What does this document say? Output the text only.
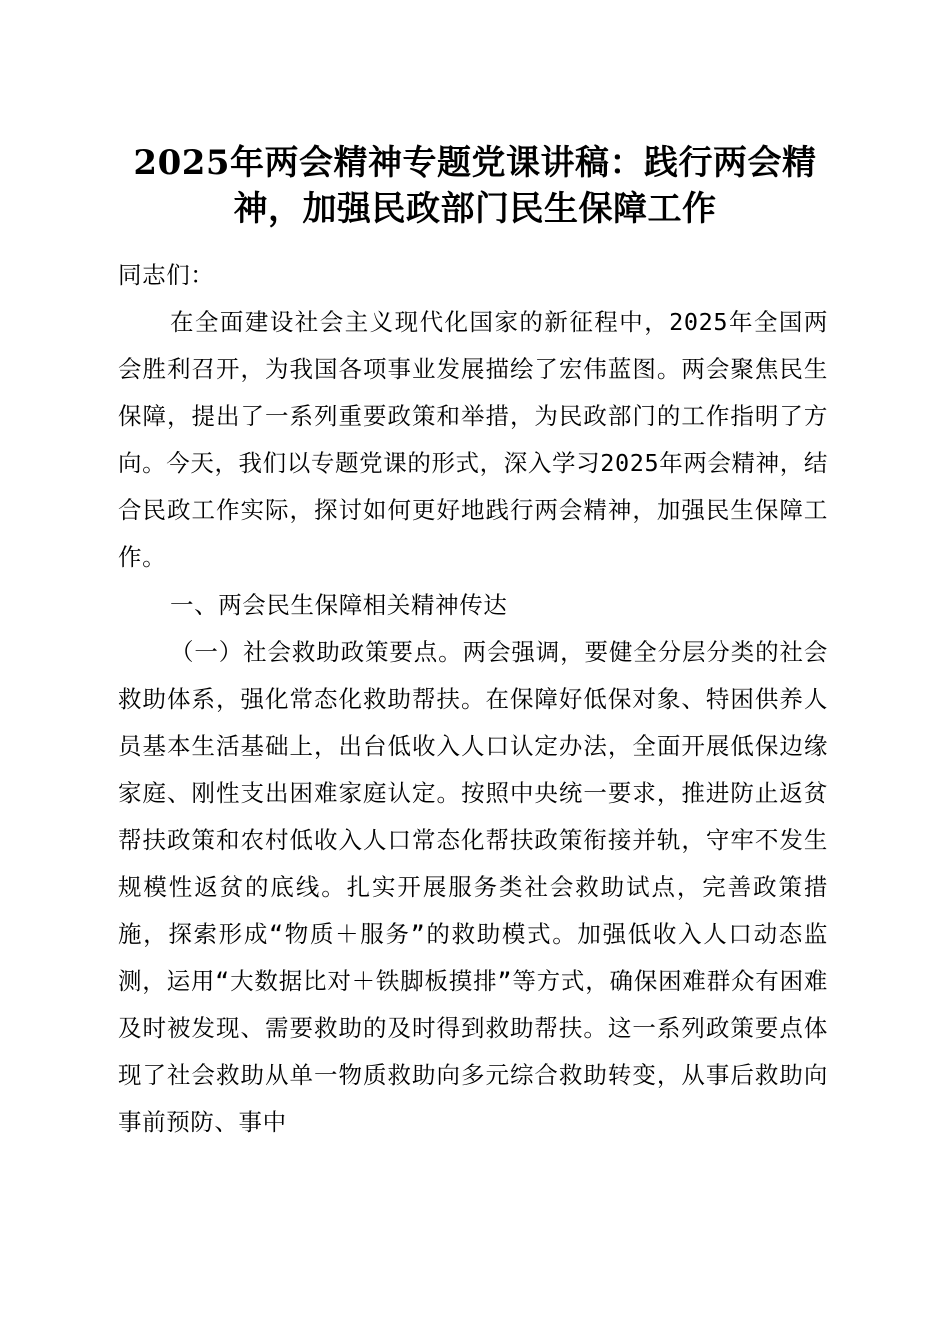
2025年两会精神专题党课讲稿：践行两会精神，加强民政部门民生保障工作
同志们：
在全面建设社会主义现代化国家的新征程中，2025年全国两会胜利召开，为我国各项事业发展描绘了宏伟蓝图。两会聚焦民生保障，提出了一系列重要政策和举措，为民政部门的工作指明了方向。今天，我们以专题党课的形式，深入学习2025年两会精神，结合民政工作实际，探讨如何更好地践行两会精神，加强民生保障工作。
一、两会民生保障相关精神传达
（一）社会救助政策要点。两会强调，要健全分层分类的社会救助体系，强化常态化救助帮扶。在保障好低保对象、特困供养人员基本生活基础上，出台低收入人口认定办法，全面开展低保边缘家庭、刚性支出困难家庭认定。按照中央统一要求，推进防止返贫帮扶政策和农村低收入人口常态化帮扶政策衔接并轨，守牢不发生规模性返贫的底线。扎实开展服务类社会救助试点，完善政策措施，探索形成“物质＋服务”的救助模式。加强低收入人口动态监测，运用“大数据比对＋铁脚板摸排”等方式，确保困难群众有困难及时被发现、需要救助的及时得到救助帮扶。这一系列政策要点体现了社会救助从单一物质救助向多元综合救助转变，从事后救助向事前预防、事中
